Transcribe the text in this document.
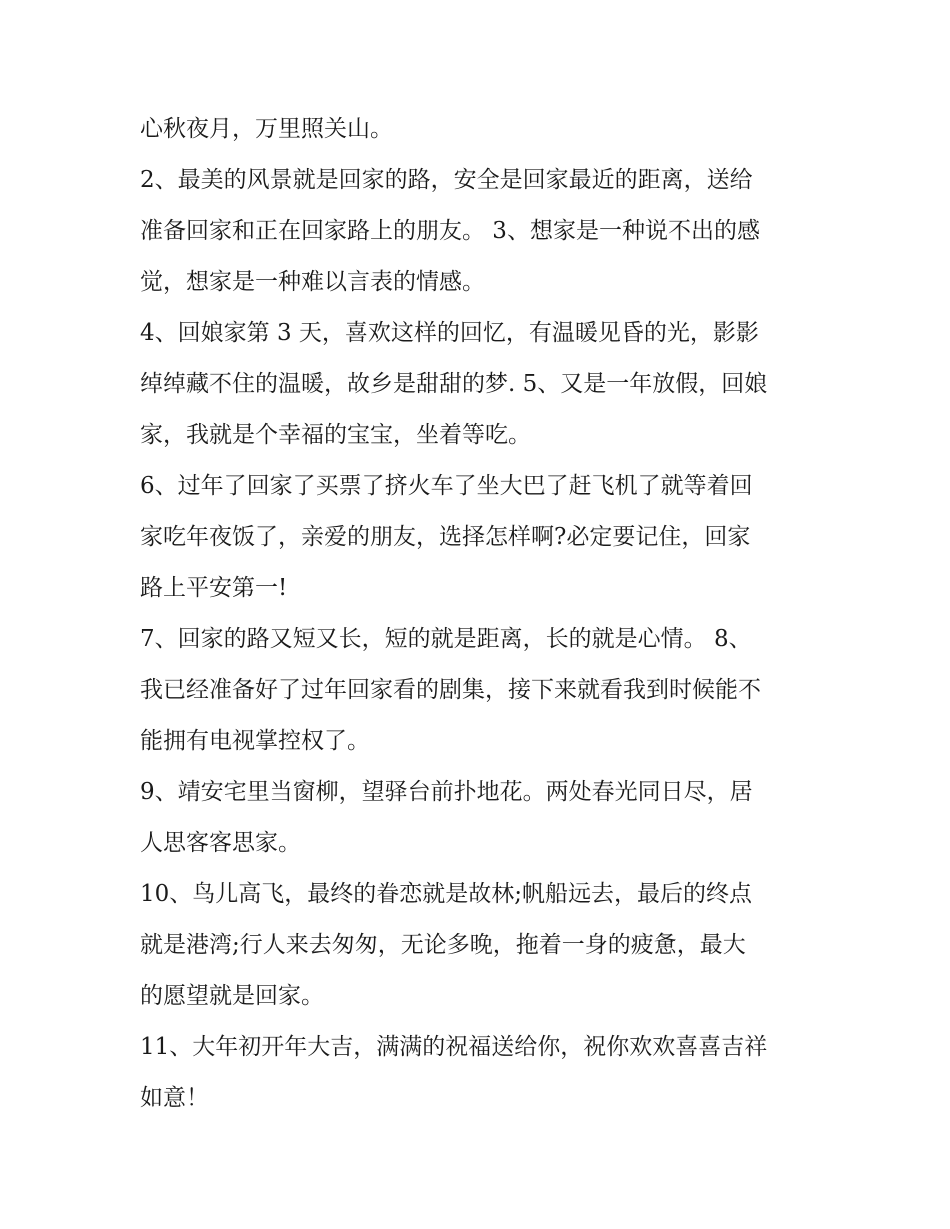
心秋夜月，万里照关山。

2、最美的风景就是回家的路，安全是回家最近的距离，送给
准备回家和正在回家路上的朋友。 3、想家是一种说不出的感
觉，想家是一种难以言表的情感。

4、回娘家第 3 天，喜欢这样的回忆，有温暖见昏的光，影影
绰绰藏不住的温暖，故乡是甜甜的梦. 5、又是一年放假，回娘
家，我就是个幸福的宝宝，坐着等吃。

6、过年了回家了买票了挤火车了坐大巴了赶飞机了就等着回
家吃年夜饭了，亲爱的朋友，选择怎样啊?必定要记住，回家
路上平安第一!

7、回家的路又短又长，短的就是距离，长的就是心情。 8、
我已经准备好了过年回家看的剧集，接下来就看我到时候能不
能拥有电视掌控权了。

9、靖安宅里当窗柳，望驿台前扑地花。两处春光同日尽，居
人思客客思家。

10、鸟儿高飞，最终的眷恋就是故林;帆船远去，最后的终点
就是港湾;行人来去匆匆，无论多晚，拖着一身的疲惫，最大
的愿望就是回家。

11、大年初开年大吉，满满的祝福送给你，祝你欢欢喜喜吉祥
如意！
